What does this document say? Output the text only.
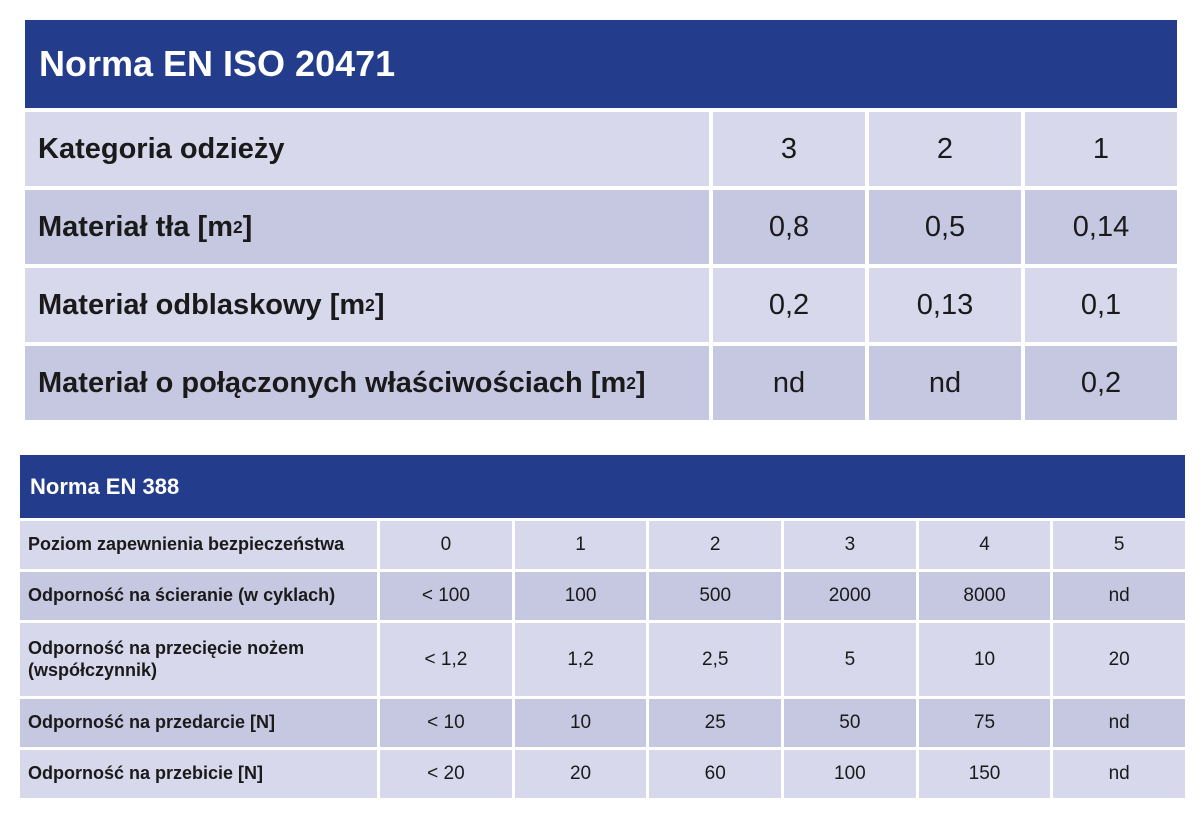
Norma EN ISO 20471
Kategoria odzieży	3	2	1
Materiał tła [m 2 ]	0,8	0,5	0,14
Materiał odblaskowy [m 2 ]	0,2	0,13	0,1
Materiał o połączonych właściwościach [m 2 ]	nd	nd	0,2
Norma EN 388
Poziom zapewnienia bezpieczeństwa	0	1	2	3	4	5
Odporność na ścieranie (w cyklach)	< 100	100	500	2000	8000	nd
Odporność na przecięcie nożem (współczynnik)	< 1,2	1,2	2,5	5	10	20
Odporność na przedarcie [N]	< 10	10	25	50	75	nd
Odporność na przebicie [N]	< 20	20	60	100	150	nd
